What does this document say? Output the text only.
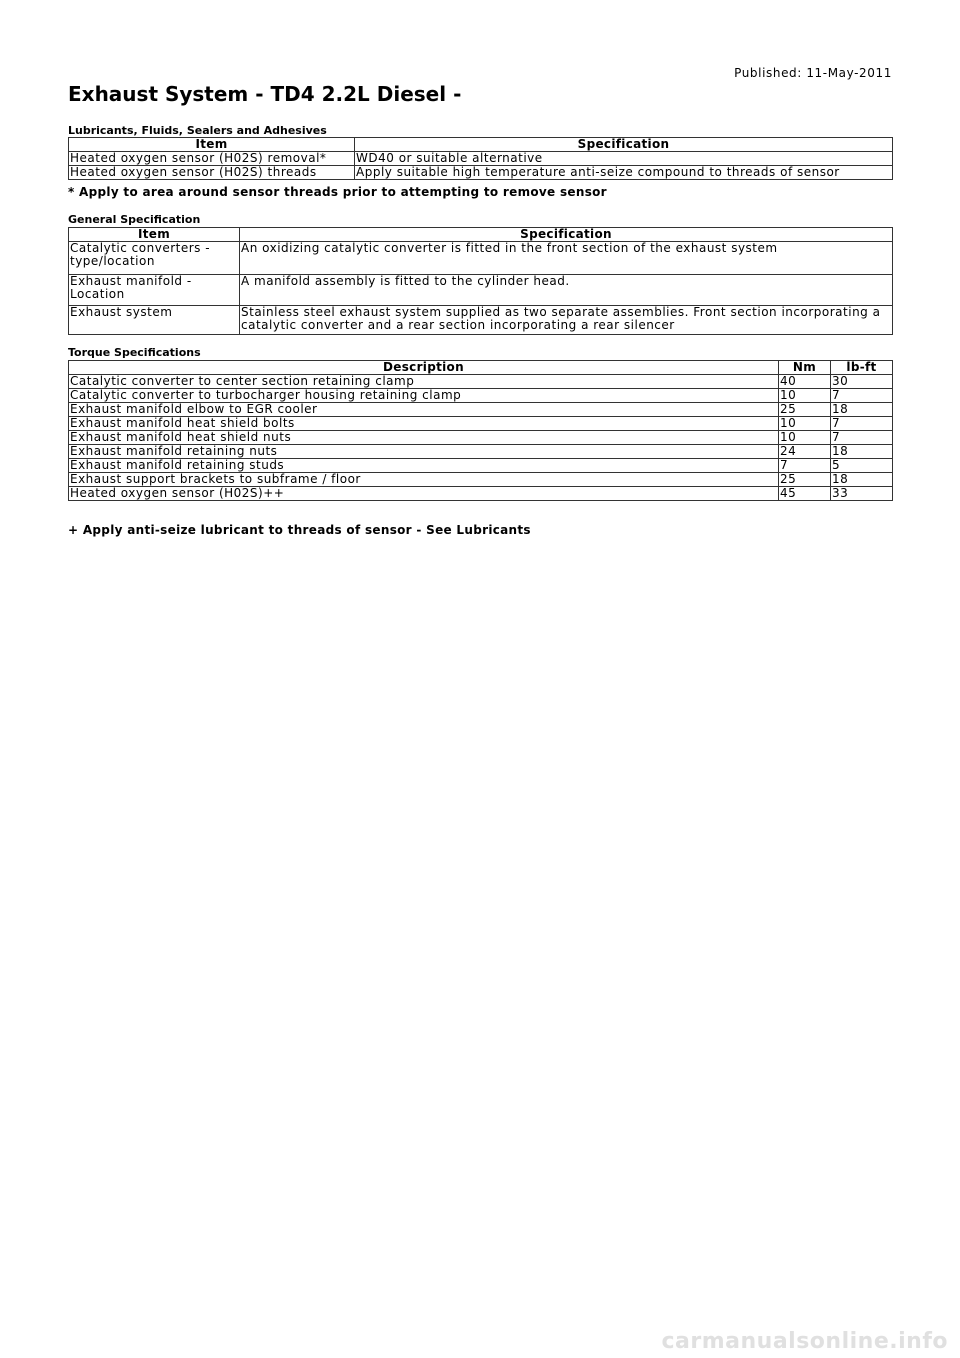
Published: 11-May-2011
Exhaust System - TD4 2.2L Diesel -
Lubricants, Fluids, Sealers and Adhesives
Item	Specification
Heated oxygen sensor (H02S) removal*	WD40 or suitable alternative
Heated oxygen sensor (H02S) threads	Apply suitable high temperature anti-seize compound to threads of sensor
* Apply to area around sensor threads prior to attempting to remove sensor
General Specification
Item	Specification
Catalytic converters - type/location	An oxidizing catalytic converter is fitted in the front section of the exhaust system
Exhaust manifold - Location	A manifold assembly is fitted to the cylinder head.
Exhaust system	Stainless steel exhaust system supplied as two separate assemblies. Front section incorporating a catalytic converter and a rear section incorporating a rear silencer
Torque Specifications
Description	Nm	lb-ft
Catalytic converter to center section retaining clamp	40	30
Catalytic converter to turbocharger housing retaining clamp	10	7
Exhaust manifold elbow to EGR cooler	25	18
Exhaust manifold heat shield bolts	10	7
Exhaust manifold heat shield nuts	10	7
Exhaust manifold retaining nuts	24	18
Exhaust manifold retaining studs	7	5
Exhaust support brackets to subframe / floor	25	18
Heated oxygen sensor (H02S)++	45	33
+ Apply anti-seize lubricant to threads of sensor - See Lubricants
carmanualsonline.info
